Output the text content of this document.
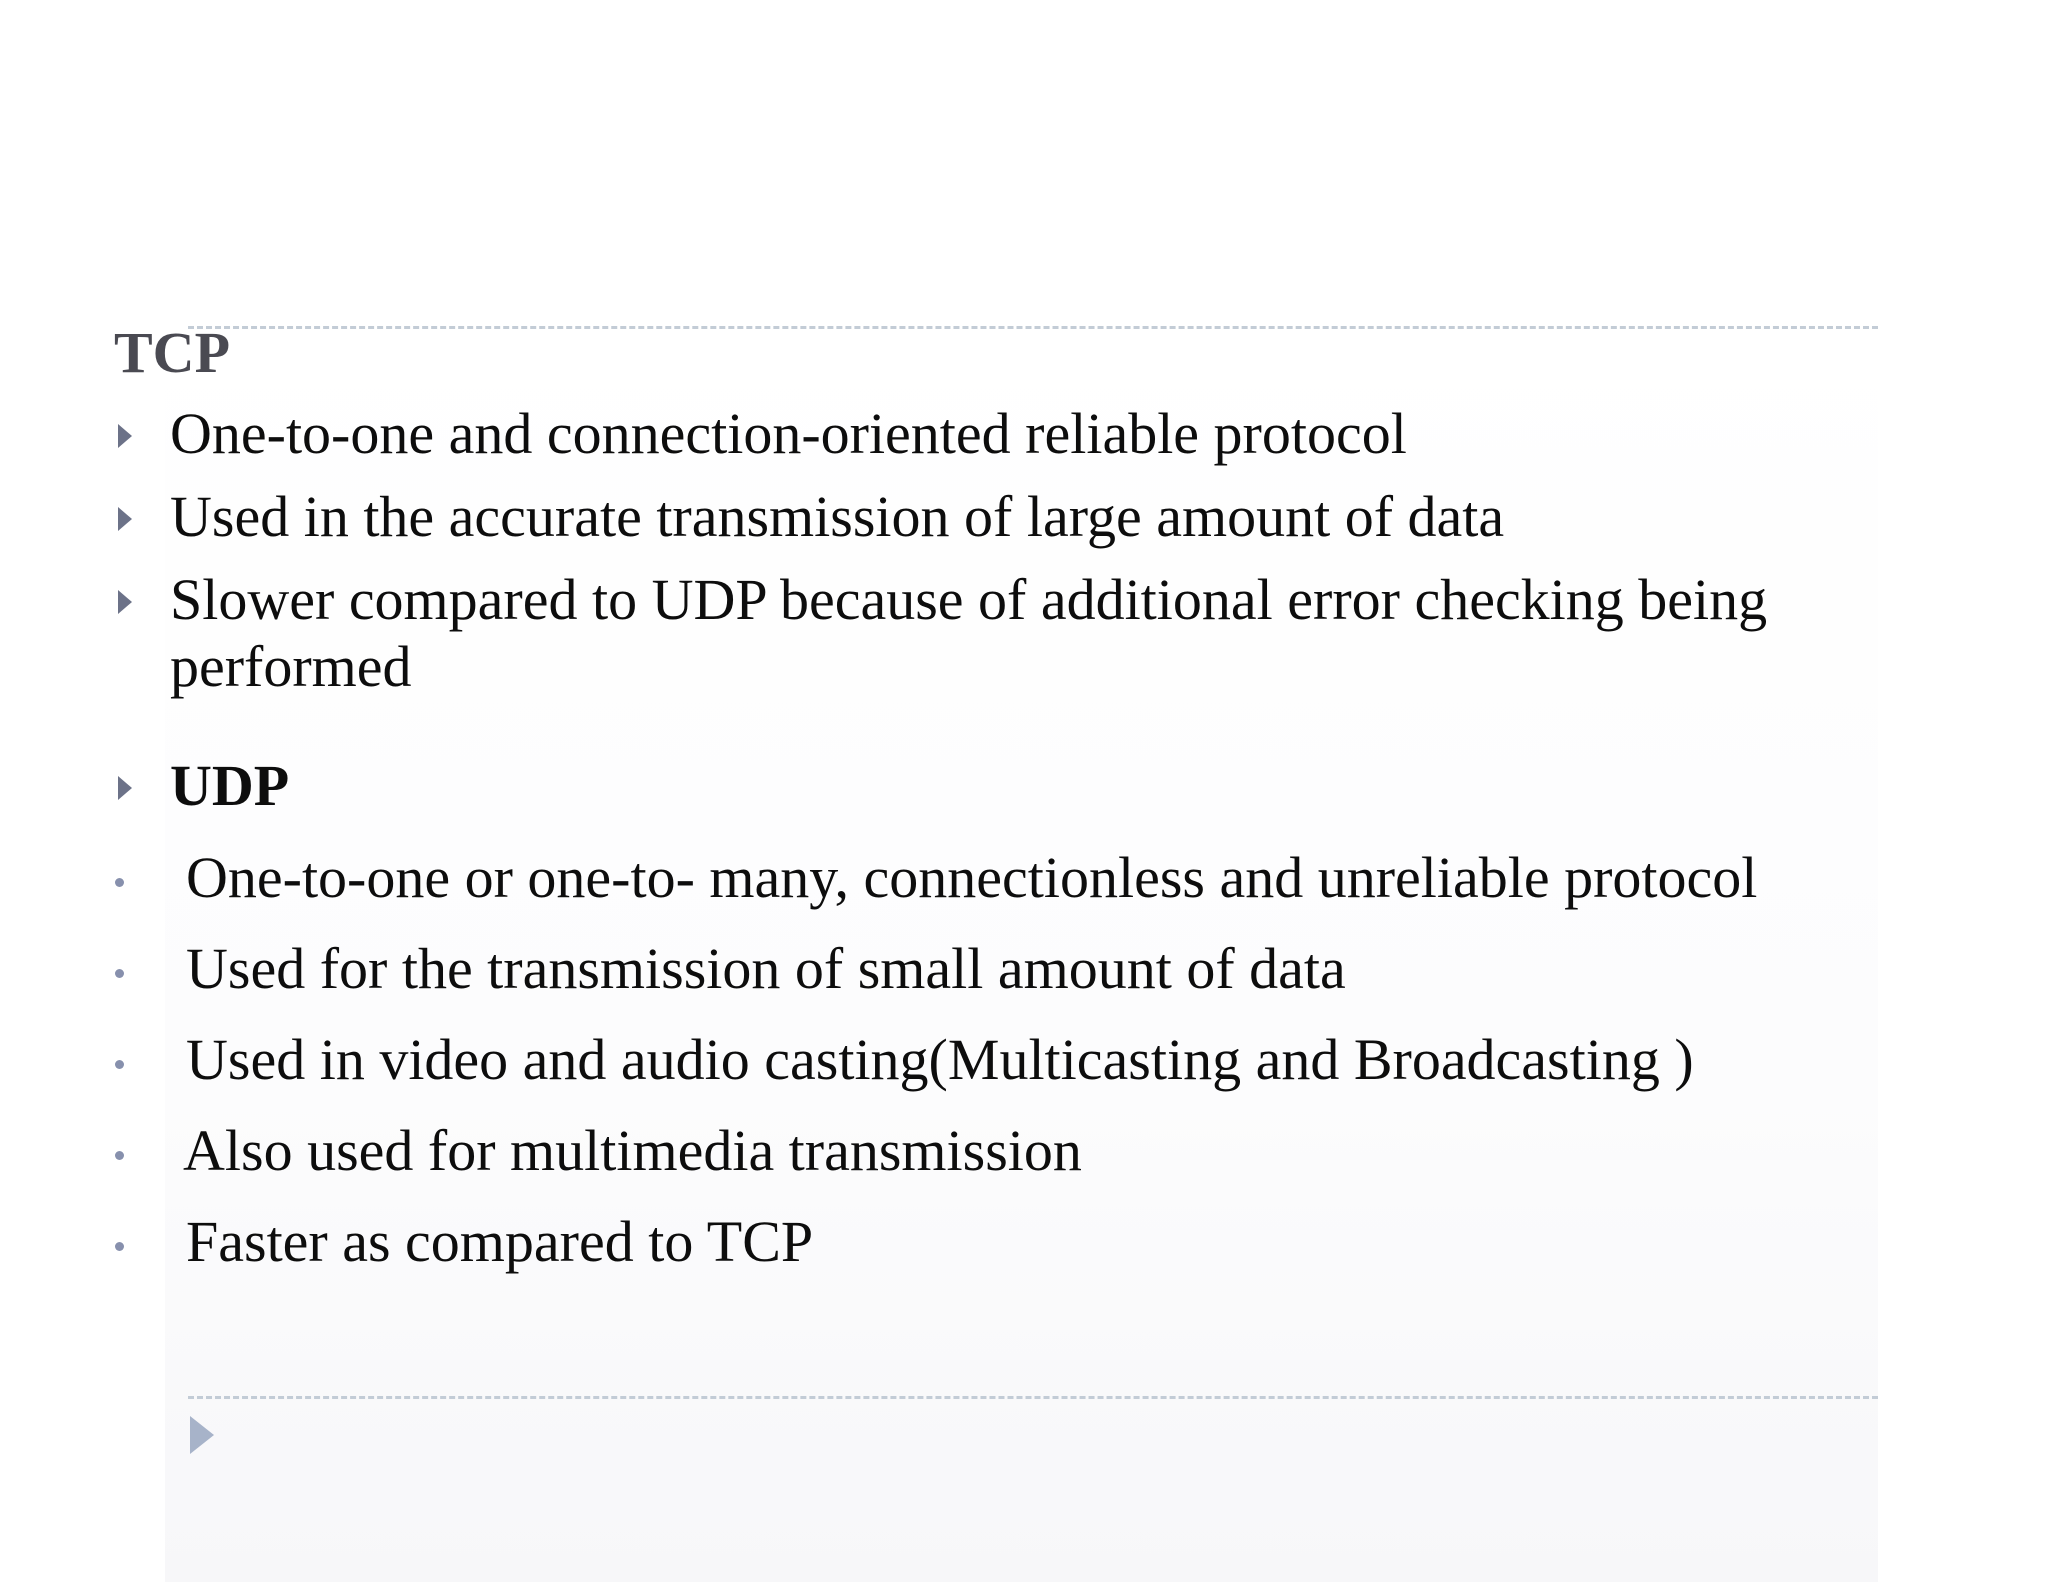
TCP

One-to-one and connection-oriented reliable protocol

Used in the accurate transmission of large amount of data

Slower compared to UDP because of additional error checking being

performed

UDP

One-to-one or one-to- many, connectionless and unreliable protocol

Used for the transmission of small amount of data

Used in video and audio casting(Multicasting and Broadcasting )

Also used for multimedia transmission

Faster as compared to TCP
